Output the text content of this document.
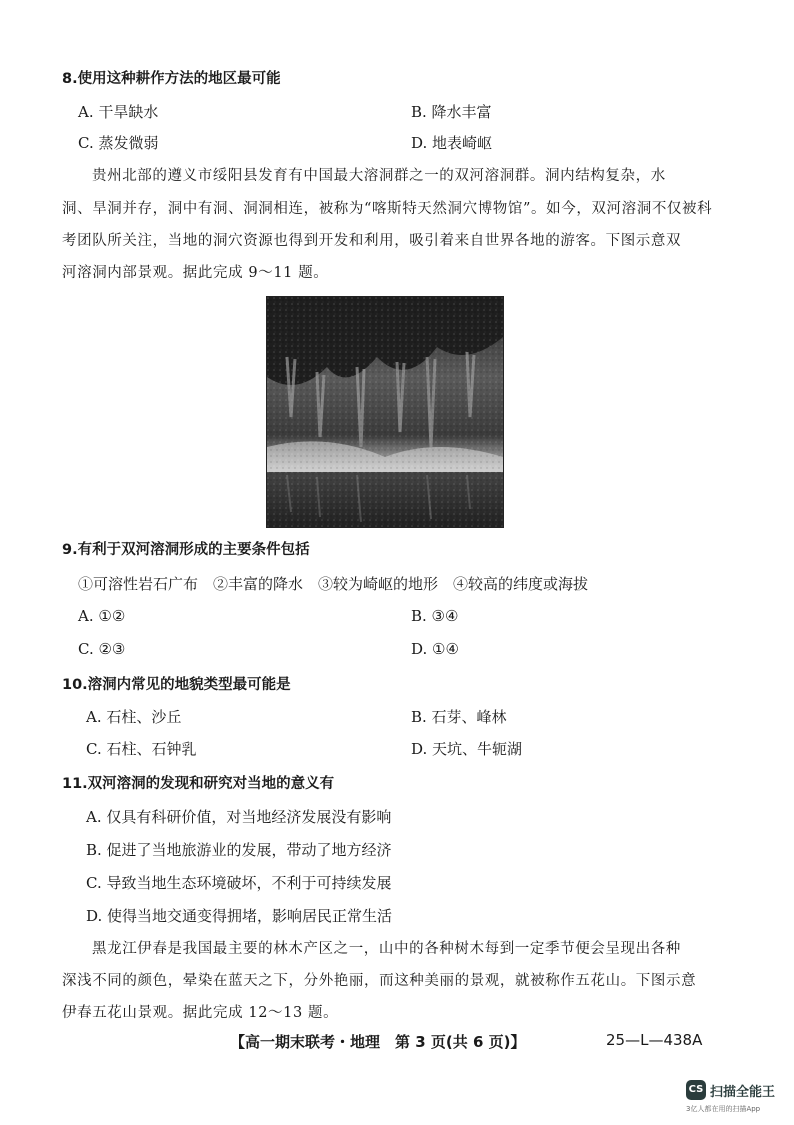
8.使用这种耕作方法的地区最可能
A. 干旱缺水	B. 降水丰富
C. 蒸发微弱	D. 地表崎岖
贵州北部的遵义市绥阳县发育有中国最大溶洞群之一的双河溶洞群。洞内结构复杂，水
洞、旱洞并存，洞中有洞、洞洞相连，被称为“喀斯特天然洞穴博物馆”。如今，双河溶洞不仅被科
考团队所关注，当地的洞穴资源也得到开发和利用，吸引着来自世界各地的游客。下图示意双
河溶洞内部景观。据此完成 9～11 题。
9.有利于双河溶洞形成的主要条件包括
①可溶性岩石广布　②丰富的降水　③较为崎岖的地形　④较高的纬度或海拔
A. ①②	B. ③④
C. ②③	D. ①④
10.溶洞内常见的地貌类型最可能是
A. 石柱、沙丘	B. 石芽、峰林
C. 石柱、石钟乳	D. 天坑、牛轭湖
11.双河溶洞的发现和研究对当地的意义有
A. 仅具有科研价值，对当地经济发展没有影响
B. 促进了当地旅游业的发展，带动了地方经济
C. 导致当地生态环境破坏，不利于可持续发展
D. 使得当地交通变得拥堵，影响居民正常生活
黑龙江伊春是我国最主要的林木产区之一，山中的各种树木每到一定季节便会呈现出各种
深浅不同的颜色，晕染在蓝天之下，分外艳丽，而这种美丽的景观，就被称作五花山。下图示意
伊春五花山景观。据此完成 12～13 题。
【高一期末联考・地理　第 3 页(共 6 页)】	25—L—438A
CS 扫描全能王
3亿人都在用的扫描App
